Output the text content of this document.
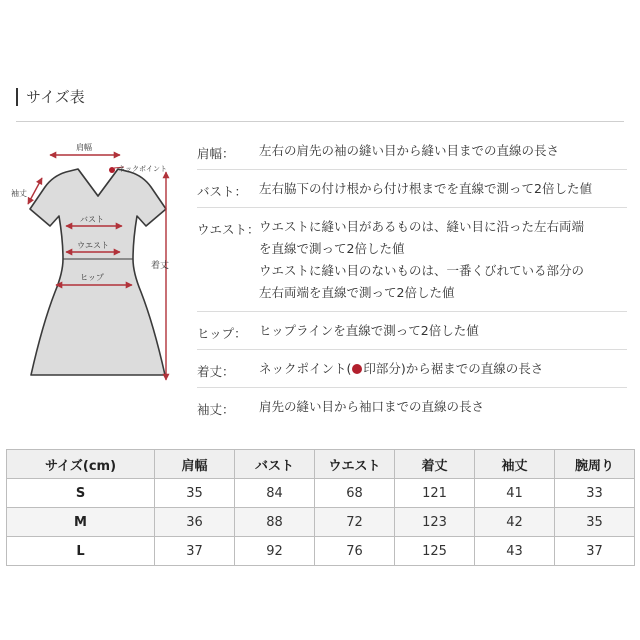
サイズ表
肩幅
ネックポイント
袖丈
着丈
バスト
ウエスト
ヒップ
肩幅：	左右の肩先の袖の縫い目から縫い目までの直線の長さ
バスト： 左右脇下の付け根から付け根までを直線で測って2倍した値
ウエスト： ウエストに縫い目があるものは、縫い目に沿った左右両端
を直線で測って2倍した値
ウエストに縫い目のないものは、一番くびれている部分の
左右両端を直線で測って2倍した値
ヒップ： ヒップラインを直線で測って2倍した値
着丈：	ネックポイント( 印部分)から裾までの直線の長さ
袖丈：	肩先の縫い目から袖口までの直線の長さ
サイズ(cm)	肩幅	バスト	ウエスト	着丈	袖丈	腕周り
S	35	84	68	121	41	33
M	36	88	72	123	42	35
L	37	92	76	125	43	37
